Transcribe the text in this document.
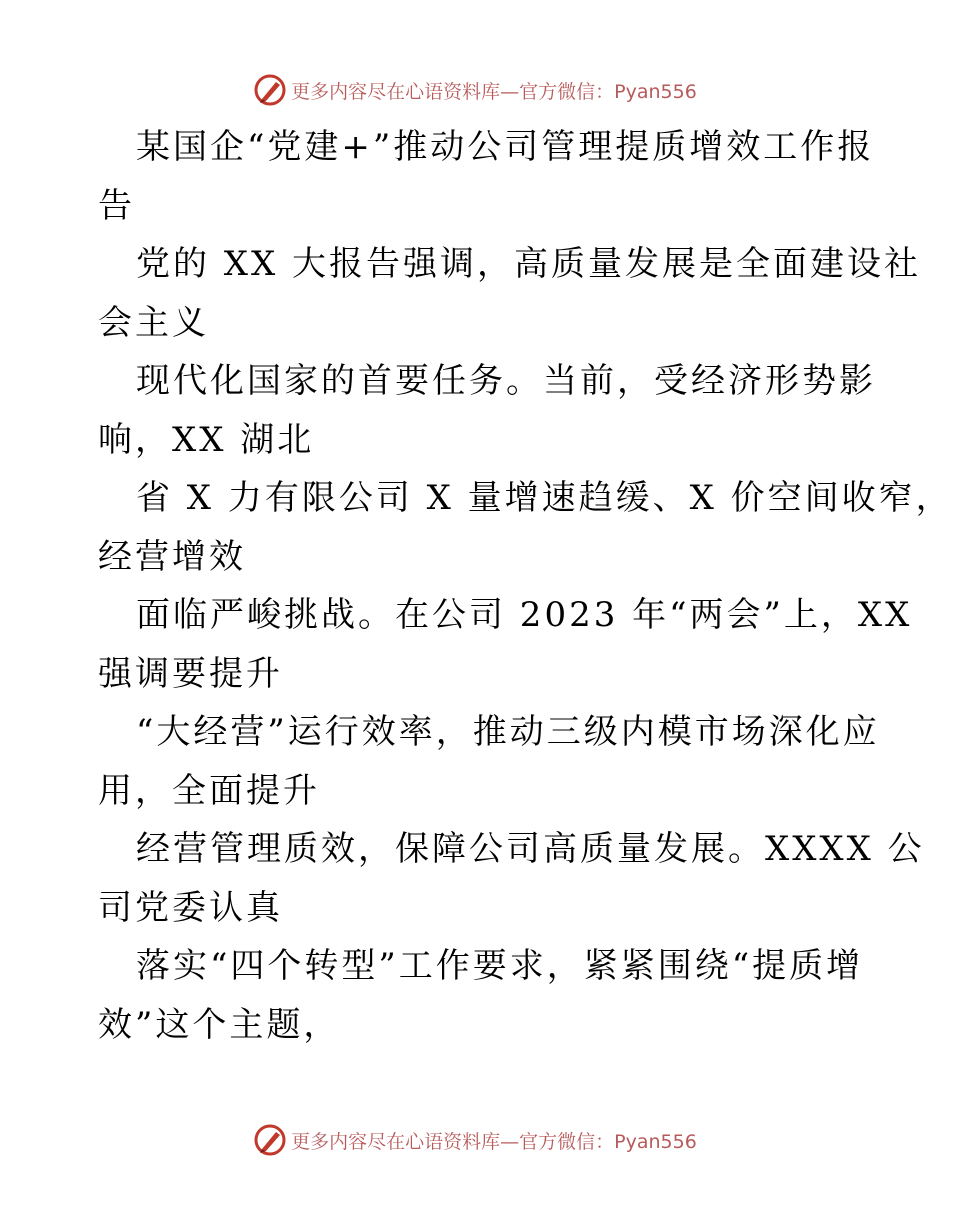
更多内容尽在心语资料库—官方微信：Pyan556
某国企“党建+”推动公司管理提质增效工作报
告
党的 XX 大报告强调，高质量发展是全面建设社
会主义
现代化国家的首要任务。当前，受经济形势影
响，XX 湖北
省 X 力有限公司 X 量增速趋缓、X 价空间收窄，
经营增效
面临严峻挑战。在公司 2023 年“两会”上，XX
强调要提升
“大经营”运行效率，推动三级内模市场深化应
用，全面提升
经营管理质效，保障公司高质量发展。XXXX 公
司党委认真
落实“四个转型”工作要求，紧紧围绕“提质增
效”这个主题，
更多内容尽在心语资料库—官方微信：Pyan556
